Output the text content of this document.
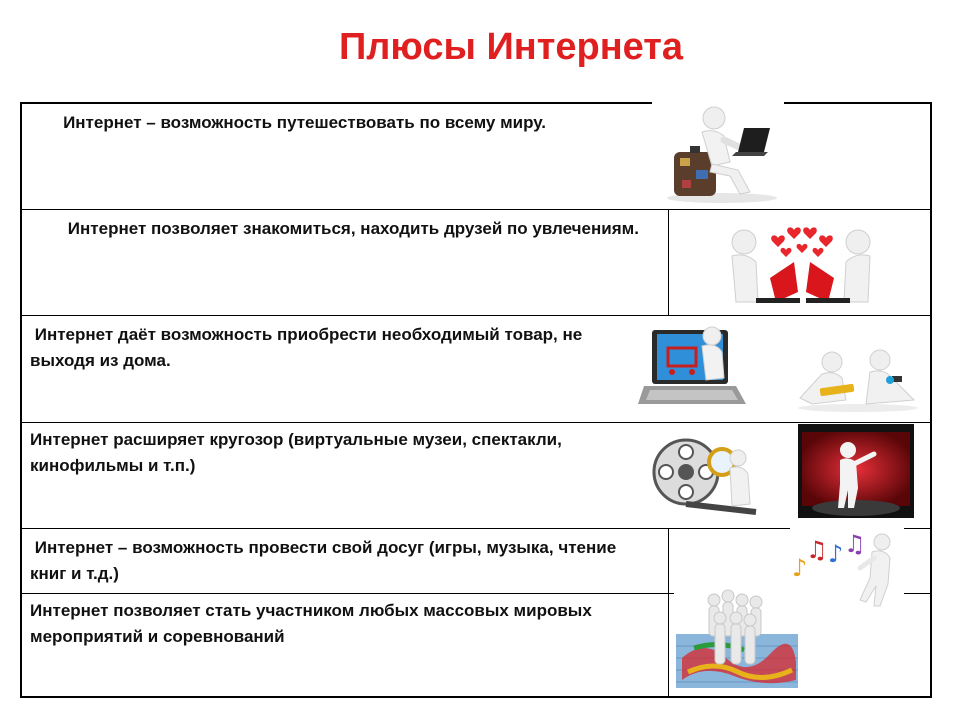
Плюсы Интернета
Интернет – возможность путешествовать по всему миру.
Интернет позволяет знакомиться, находить друзей по увлечениям.
Интернет даёт возможность приобрести необходимый товар, не выходя из дома.
Интернет расширяет кругозор (виртуальные музеи, спектакли, кинофильмы и т.п.)
Интернет – возможность провести свой досуг (игры, музыка, чтение книг и т.д.)
Интернет позволяет стать участником любых массовых мировых мероприятий и соревнований
♪
♫ ♪ ♫
